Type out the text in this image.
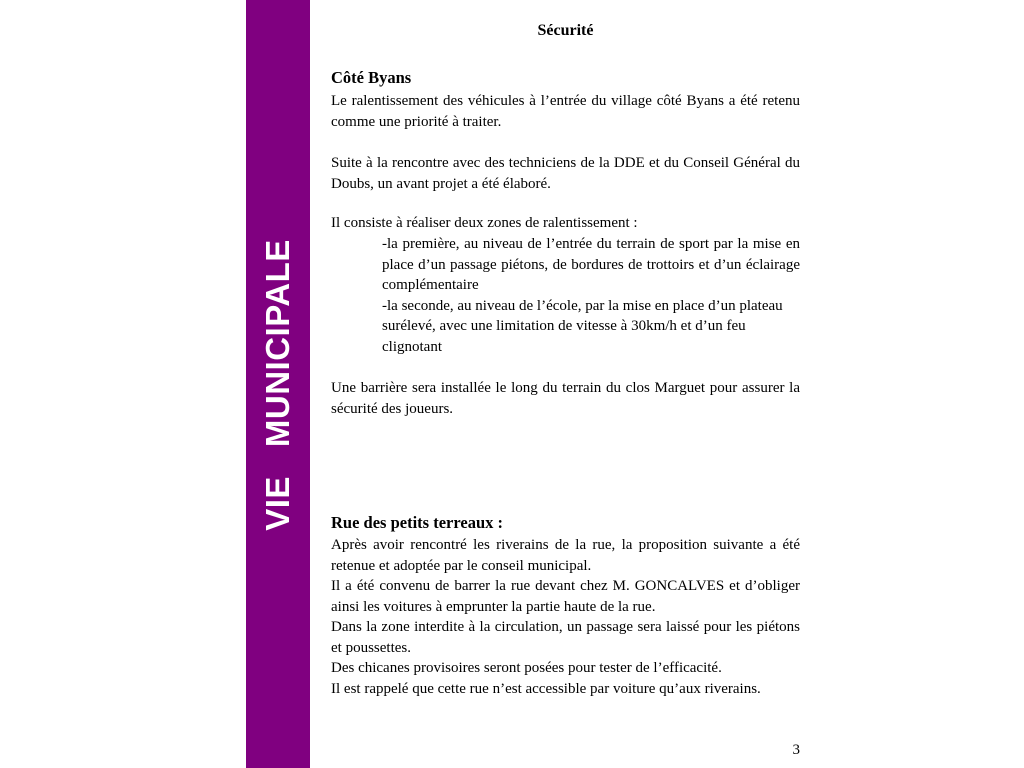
VIE   MUNICIPALE
Sécurité
Côté Byans

Le ralentissement des véhicules à l’entrée du village côté Byans a été retenu comme une priorité à traiter.

Suite à la rencontre avec des techniciens de la DDE et du Conseil Général du Doubs, un avant projet a été élaboré.

Il consiste à réaliser deux zones de ralentissement :

-la première, au niveau de l’entrée du terrain de sport par la mise en place d’un passage piétons, de bordures de trottoirs et d’un éclairage complémentaire
-la seconde, au niveau de l’école, par la mise en place d’un plateau surélevé, avec une limitation de vitesse à 30km/h et d’un feu clignotant

Une barrière sera installée le long du terrain du clos Marguet pour assurer la sécurité des joueurs.

Rue des petits terreaux :

Après avoir rencontré les riverains de la rue, la proposition suivante a été retenue et adoptée par le conseil municipal.

Il a été convenu de barrer la rue devant chez M. GONCALVES et d’obliger ainsi les voitures à emprunter la partie haute de la rue.

Dans la zone interdite à la circulation, un passage sera laissé pour les piétons et poussettes.

Des chicanes provisoires seront posées pour tester de l’efficacité.

Il est rappelé que cette rue n’est accessible par voiture qu’aux riverains.

3
